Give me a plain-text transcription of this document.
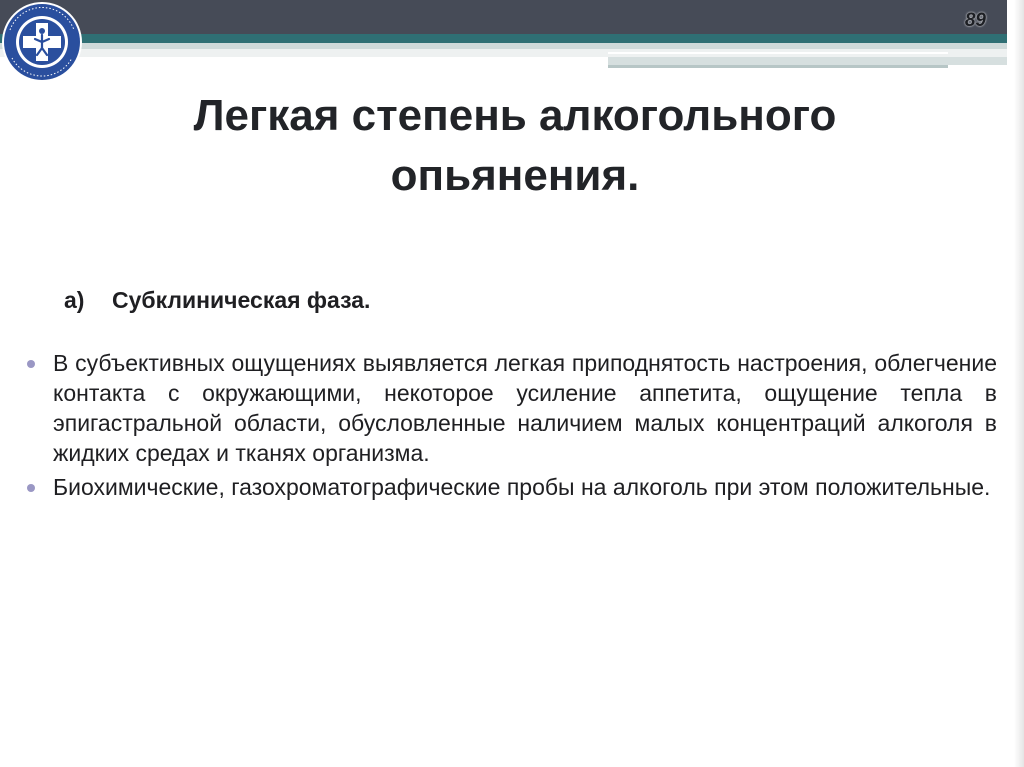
89
Легкая степень алкогольного опьянения.

а) Субклиническая фаза.

В субъективных ощущениях выявляется легкая приподнятость настроения, облегчение контакта с окружающими, некоторое усиление аппетита, ощущение тепла в эпигастральной области, обусловленные наличием малых концентраций алкоголя в жидких средах и тканях организма.
Биохимические, газохроматографические пробы на алкоголь при этом положительные.
